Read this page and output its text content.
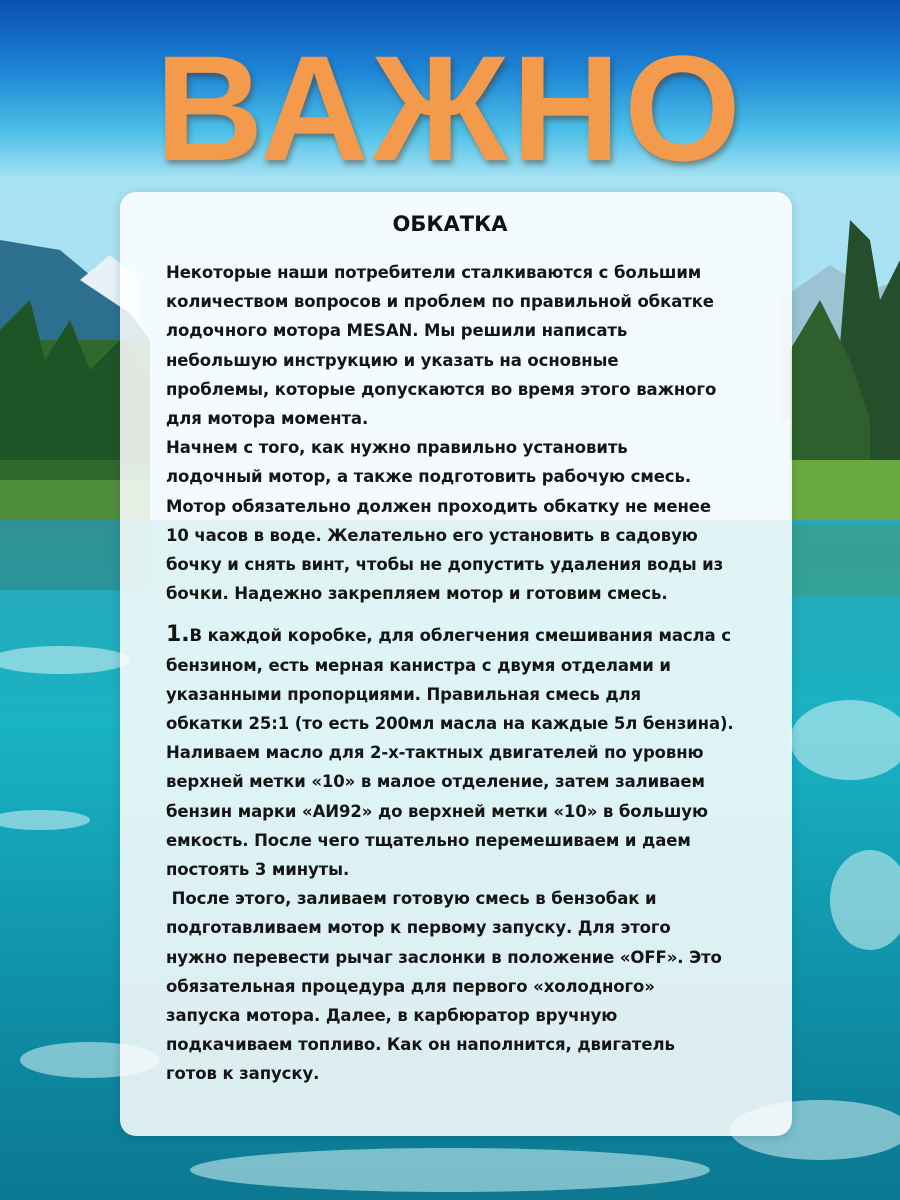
ВАЖНО
ОБКАТКА

Некоторые наши потребители сталкиваются с большим

количеством вопросов и проблем по правильной обкатке

лодочного мотора MESAN. Мы решили написать

небольшую инструкцию и указать на основные

проблемы, которые допускаются во время этого важного

для мотора момента.

Начнем с того, как нужно правильно установить

лодочный мотор, а также подготовить рабочую смесь.

Мотор обязательно должен проходить обкатку не менее

10 часов в воде. Желательно его установить в садовую

бочку и снять винт, чтобы не допустить удаления воды из

бочки. Надежно закрепляем мотор и готовим смесь.

1.В каждой коробке, для облегчения смешивания масла с

бензином, есть мерная канистра с двумя отделами и

указанными пропорциями. Правильная смесь для

обкатки 25:1 (то есть 200мл масла на каждые 5л бензина).

Наливаем масло для 2-х-тактных двигателей по уровню

верхней метки «10» в малое отделение, затем заливаем

бензин марки «АИ92» до верхней метки «10» в большую

емкость. После чего тщательно перемешиваем и даем

постоять 3 минуты.

После этого, заливаем готовую смесь в бензобак и

подготавливаем мотор к первому запуску. Для этого

нужно перевести рычаг заслонки в положение «OFF». Это

обязательная процедура для первого «холодного»

запуска мотора. Далее, в карбюратор вручную

подкачиваем топливо. Как он наполнится, двигатель

готов к запуску.
